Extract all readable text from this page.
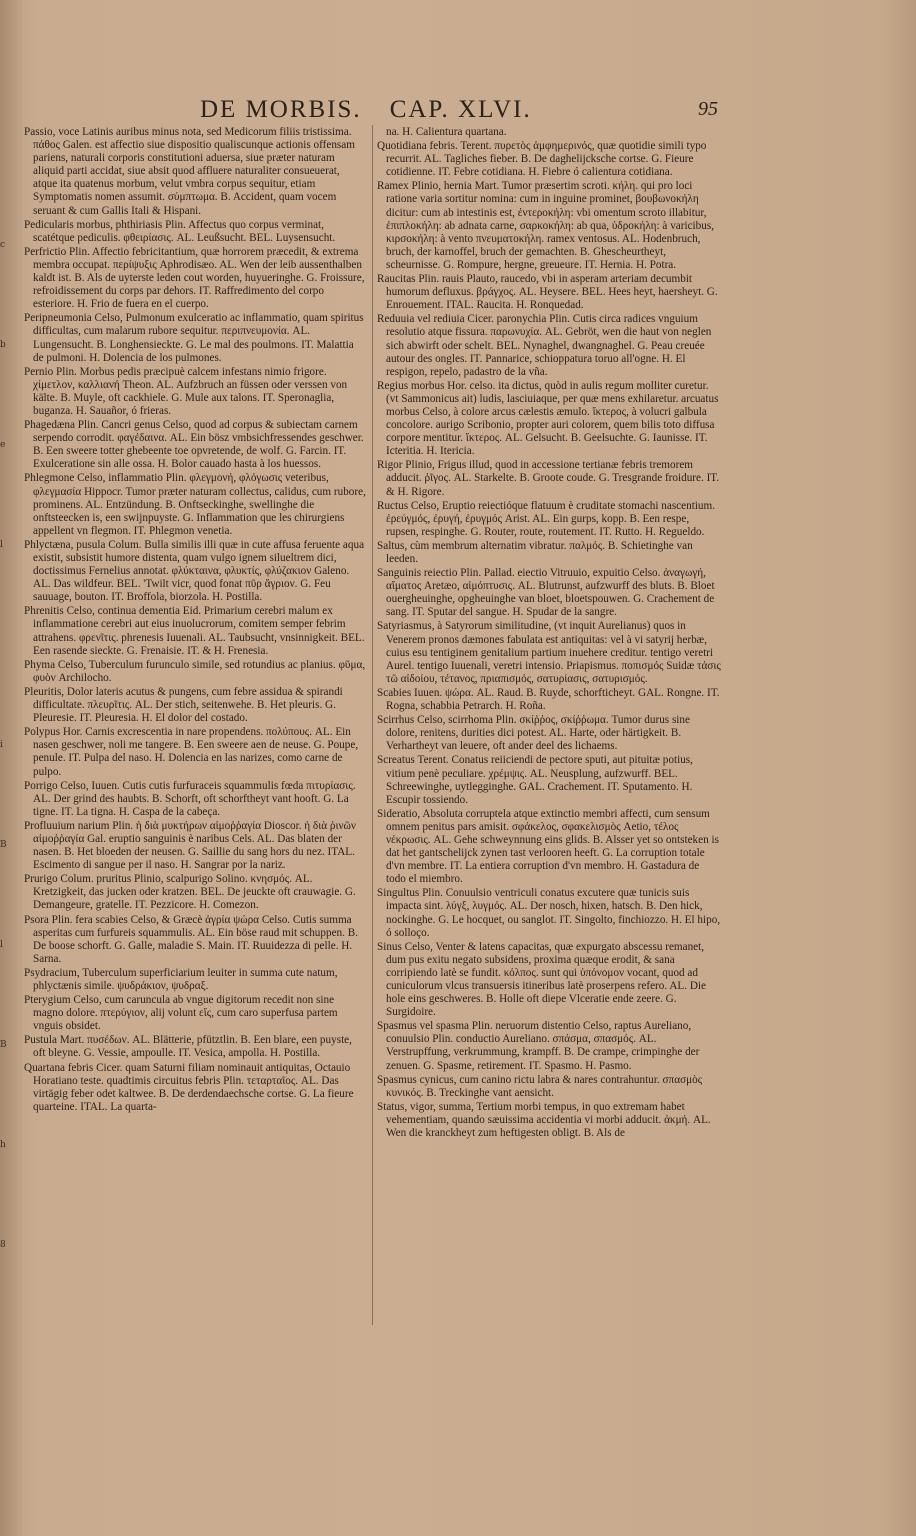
c
b
e
l
i
B
l
B
h
8
DE MORBIS. CAP. XLVI.	95

Passio, voce Latinis auribus minus nota, sed Medicorum filiis tristissima. πάθος Galen. est affectio siue dispositio qualiscunque actionis offensam pariens, naturali corporis constitutioni aduersa, siue præter naturam aliquid parti accidat, siue absit quod affluere naturaliter consueuerat, atque ita quatenus morbum, velut vmbra corpus sequitur, etiam Symptomatis nomen assumit. σύμπτωμα. B. Accident, quam vocem seruant & cum Gallis Itali & Hispani.

Pedicularis morbus, phthiriasis Plin. Affectus quo corpus verminat, scatétque pediculis. φθειρίασις. AL. Leußsucht. BEL. Luysensucht.

Perfrictio Plin. Affectio febricitantium, quæ horrorem præcedit, & extrema membra occupat. περίψυξις Aphrodisæo. AL. Wen der leib aussenthalben kaldt ist. B. Als de uyterste leden cout worden, huyueringhe. G. Froissure, refroidissement du corps par dehors. IT. Raffredimento del corpo esteriore. H. Frio de fuera en el cuerpo.

Peripneumonia Celso, Pulmonum exulceratio ac inflammatio, quam spiritus difficultas, cum malarum rubore sequitur. περιπνευμονία. AL. Lungensucht. B. Longhensieckte. G. Le mal des poulmons. IT. Malattia de pulmoni. H. Dolencia de los pulmones.

Pernio Plin. Morbus pedis præcipuè calcem infestans nimio frigore. χίμετλον, καλλιανή Theon. AL. Aufzbruch an füssen oder verssen von kälte. B. Muyle, oft cackhiele. G. Mule aux talons. IT. Speronaglia, buganza. H. Sauañor, ó frieras.

Phagedæna Plin. Cancri genus Celso, quod ad corpus & subiectam carnem serpendo corrodit. φαγέδαινα. AL. Ein bösz vmbsichfressendes geschwer. B. Een sweere totter ghebeente toe opvretende, de wolf. G. Farcin. IT. Exulceratione sin alle ossa. H. Bolor cauado hasta à los huessos.

Phlegmone Celso, inflammatio Plin. φλεγμονή, φλόγωσις veteribus, φλεγμασία Hippocr. Tumor præter naturam collectus, calidus, cum rubore, prominens. AL. Entzündung. B. Onftseckinghe, swellinghe die onftsteecken is, een swijnpuyste. G. Inflammation que les chirurgiens appellent vn flegmon. IT. Phlegmon venetia.

Phlyctæna, pusula Colum. Bulla similis illi quæ in cute affusa feruente aqua existit, subsistit humore distenta, quam vulgo ignem silueltrem dici, doctissimus Fernelius annotat. φλύκταινα, φλυκτίς, φλύζακιον Galeno. AL. Das wildfeur. BEL. 'Twilt vicr, quod fonat πῦρ ἄγριον. G. Feu sauuage, bouton. IT. Broffola, biorzola. H. Postilla.

Phrenitis Celso, continua dementia Eid. Primarium cerebri malum ex inflammatione cerebri aut eius inuolucrorum, comitem semper febrim attrahens. φρενῖτις. phrenesis Iuuenali. AL. Taubsucht, vnsinnigkeit. BEL. Een rasende sieckte. G. Frenaisie. IT. & H. Frenesia.

Phyma Celso, Tuberculum furunculo simile, sed rotundius ac planius. φῦμα, φυὸν Archilocho.

Pleuritis, Dolor lateris acutus & pungens, cum febre assidua & spirandi difficultate. πλευρῖτις. AL. Der stich, seitenwehe. B. Het pleuris. G. Pleuresie. IT. Pleuresia. H. El dolor del costado.

Polypus Hor. Carnis excrescentia in nare propendens. πολύπους. AL. Ein nasen geschwer, noli me tangere. B. Een sweere aen de neuse. G. Poupe, penule. IT. Pulpa del naso. H. Dolencia en las narizes, como carne de pulpo.

Porrigo Celso, Iuuen. Cutis cutis furfuraceis squammulis fœda πιτυρίασις. AL. Der grind des haubts. B. Schorft, oft schorftheyt vant hooft. G. La tigne. IT. La tigna. H. Caspa de la cabeça.

Profluuium narium Plin. ἡ διὰ μυκτήρων αἱμοῤῥαγία Dioscor. ἡ διὰ ῥινῶν αἱμοῤῥαγία Gal. eruptio sanguinis è naribus Cels. AL. Das blaten der nasen. B. Het bloeden der neusen. G. Saillie du sang hors du nez. ITAL. Escimento di sangue per il naso. H. Sangrar por la nariz.

Prurigo Colum. pruritus Plinio, scalpurigo Solino. κνησμός. AL. Kretzigkeit, das jucken oder kratzen. BEL. De jeuckte oft crauwagie. G. Demangeure, gratelle. IT. Pezzicore. H. Comezon.

Psora Plin. fera scabies Celso, & Græcè ἀγρία ψώρα Celso. Cutis summa asperitas cum furfureis squammulis. AL. Ein böse raud mit schuppen. B. De boose schorft. G. Galle, maladie S. Main. IT. Ruuidezza di pelle. H. Sarna.

Psydracium, Tuberculum superficiarium leuiter in summa cute natum, phlyctænis simile. ψυδράκιον, ψυδραξ.

Pterygium Celso, cum caruncula ab vngue digitorum recedit non sine magno dolore. πτερύγιον, alij volunt εἴς, cum caro superfusa partem vnguis obsidet.

Pustula Mart. πυσέδων. AL. Blätterie, pfütztlin. B. Een blare, een puyste, oft bleyne. G. Vessie, ampoulle. IT. Vesica, ampolla. H. Postilla.

Quartana febris Cicer. quam Saturni filiam nominauit antiquitas, Octauio Horatiano teste. quadtimis circuitus febris Plin. τεταρταῖος. AL. Das virtägig feber odet kaltwee. B. De derdendaechsche cortse. G. La fieure quarteine. ITAL. La quarta-

na. H. Calientura quartana.

Quotidiana febris. Terent. πυρετὸς ἀμφημερινός, quæ quotidie simili typo recurrit. AL. Tagliches fieber. B. De daghelijcksche cortse. G. Fieure cotidienne. IT. Febre cotidiana. H. Fiebre ó calientura cotidiana.

Ramex Plinio, hernia Mart. Tumor præsertim scroti. κήλη. qui pro loci ratione varia sortitur nomina: cum in inguine prominet, βουβωνοκήλη dicitur: cum ab intestinis est, ἐντεροκήλη: vbi omentum scroto illabitur, ἐπιπλοκήλη: ab adnata carne, σαρκοκήλη: ab qua, ὑδροκήλη: à varicibus, κιρσοκήλη: à vento πνευματοκήλη. ramex ventosus. AL. Hodenbruch, bruch, der karnoffel, bruch der gemachten. B. Ghescheurtheyt, scheurnisse. G. Rompure, hergne, greueure. IT. Hernia. H. Potra.

Raucitas Plin. rauis Plauto, raucedo, vbi in asperam arteriam decumbit humorum defluxus. βράγχος. AL. Heysere. BEL. Hees heyt, haersheyt. G. Enrouement. ITAL. Raucita. H. Ronquedad.

Reduuia vel rediuia Cicer. paronychia Plin. Cutis circa radices vnguium resolutio atque fissura. παρωνυχία. AL. Gebröt, wen die haut von neglen sich abwirft oder schelt. BEL. Nynaghel, dwangnaghel. G. Peau creuée autour des ongles. IT. Pannarice, schioppatura toruo all'ogne. H. El respigon, repelo, padastro de la vña.

Regius morbus Hor. celso. ita dictus, quòd in aulis regum molliter curetur. (vt Sammonicus ait) ludis, lasciuiaque, per quæ mens exhilaretur. arcuatus morbus Celso, à colore arcus cælestis æmulo. ἴκτερος, à volucri galbula concolore. aurigo Scribonio, propter auri colorem, quem bilis toto diffusa corpore mentitur. ἴκτερος. AL. Gelsucht. B. Geelsuchte. G. Iaunisse. IT. Icteritia. H. Itericia.

Rigor Plinio, Frigus illud, quod in accessione tertianæ febris tremorem adducit. ῥῖγος. AL. Starkelte. B. Groote coude. G. Tresgrande froidure. IT. & H. Rigore.

Ructus Celso, Eruptio reiectióque flatuum è cruditate stomachi nascentium. ἐρεύγμός, ἐρυγή, ἐρυγμός Arist. AL. Ein gurps, kopp. B. Een respe, rupsen, respinghe. G. Router, route, routement. IT. Rutto. H. Regueldo.

Saltus, cùm membrum alternatim vibratur. παλμός. B. Schietinghe van leeden.

Sanguinis reiectio Plin. Pallad. eiectio Vitruuio, expuitio Celso. ἀναγωγή, αἵματος Aretæo, αἱμόπτυσις. AL. Blutrunst, aufzwurff des bluts. B. Bloet ouergheuinghe, opgheuinghe van bloet, bloetspouwen. G. Crachement de sang. IT. Sputar del sangue. H. Spudar de la sangre.

Satyriasmus, à Satyrorum similitudine, (vt inquit Aurelianus) quos in Venerem pronos dæmones fabulata est antiquitas: vel à vi satyrij herbæ, cuius esu tentiginem genitalium partium inuehere creditur. tentigo veretri Aurel. tentigo Iuuenali, veretri intensio. Priapismus. ποπισμός Suidæ τάσις τῶ αἰδοίου, τέτανος, πριαπισμός, σατυρίασις, σατυρισμός.

Scabies Iuuen. ψώρα. AL. Raud. B. Ruyde, schorfticheyt. GAL. Rongne. IT. Rogna, schabbia Petrarch. H. Roña.

Scirrhus Celso, scirrhoma Plin. σκίῤῥος, σκίῤῥωμα. Tumor durus sine dolore, renitens, durities dici potest. AL. Harte, oder härtigkeit. B. Verhartheyt van leuere, oft ander deel des lichaems.

Screatus Terent. Conatus reiiciendi de pectore sputi, aut pituitæ potius, vitium penè peculiare. χρέμψις. AL. Neusplung, aufzwurff. BEL. Schreewinghe, uytlegginghe. GAL. Crachement. IT. Sputamento. H. Escupir tossiendo.

Sideratio, Absoluta corruptela atque extinctio membri affecti, cum sensum omnem penitus pars amisit. σφάκελος, σφακελισμὸς Aetio, τέλος νέκρωσις. AL. Gehe schweynnung eins glids. B. Alsser yet so ontsteken is dat het gantschelijck zynen tast verlooren heeft. G. La corruption totale d'vn membre. IT. La entiera corruption d'vn membro. H. Gastadura de todo el miembro.

Singultus Plin. Conuulsio ventriculi conatus excutere quæ tunicis suis impacta sint. λύγξ, λυγμός. AL. Der nosch, hixen, hatsch. B. Den hick, nockinghe. G. Le hocquet, ou sanglot. IT. Singolto, finchiozzo. H. El hipo, ó solloço.

Sinus Celso, Venter & latens capacitas, quæ expurgato abscessu remanet, dum pus exitu negato subsidens, proxima quæque erodit, & sana corripiendo latè se fundit. κόλπος. sunt qui ὑπόνομον vocant, quod ad cuniculorum vlcus transuersis itineribus latè proserpens refero. AL. Die hole eins geschweres. B. Holle oft diepe Vlceratie ende zeere. G. Surgidoire.

Spasmus vel spasma Plin. neruorum distentio Celso, raptus Aureliano, conuulsio Plin. conductio Aureliano. σπάσμα, σπασμός. AL. Verstrupffung, verkrummung, krampff. B. De crampe, crimpinghe der zenuen. G. Spasme, retirement. IT. Spasmo. H. Pasmo.

Spasmus cynicus, cum canino rictu labra & nares contrahuntur. σπασμὸς κυνικός. B. Treckinghe vant aensicht.

Status, vigor, summa, Tertium morbi tempus, in quo extremam habet vehementiam, quando sæuissima accidentia vi morbi adducit. ἀκμή. AL. Wen die kranckheyt zum heftigesten obligt. B. Als de
